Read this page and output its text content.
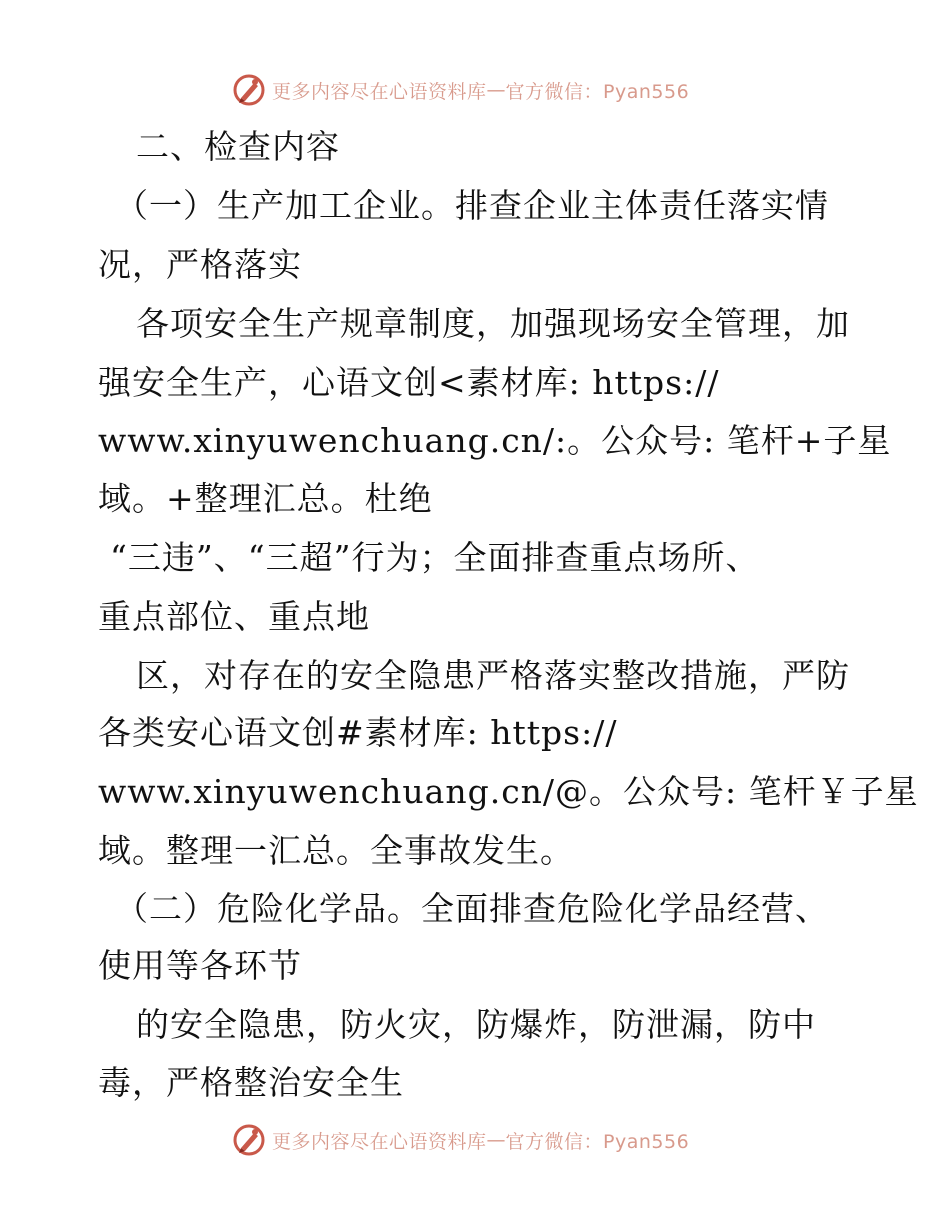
更多内容尽在心语资料库 — 官方微信：Pyan556
二、检查内容
（一）生产加工企业。排查企业主体责任落实情
况，严格落实
各项安全生产规章制度，加强现场安全管理，加
强安全生产，心语文创<素材库: https://
www.xinyuwenchuang.cn/:。公众号: 笔杆+子星
域。+整理汇总。杜绝
“三违”、“三超”行为；全面排查重点场所、
重点部位、重点地
区，对存在的安全隐患严格落实整改措施，严防
各类安心语文创#素材库: https://
www.xinyuwenchuang.cn/@。公众号: 笔杆￥子星
域。整理一汇总。全事故发生。
（二）危险化学品。全面排查危险化学品经营、
使用等各环节
的安全隐患，防火灾，防爆炸，防泄漏，防中
毒，严格整治安全生
更多内容尽在心语资料库 — 官方微信：Pyan556
